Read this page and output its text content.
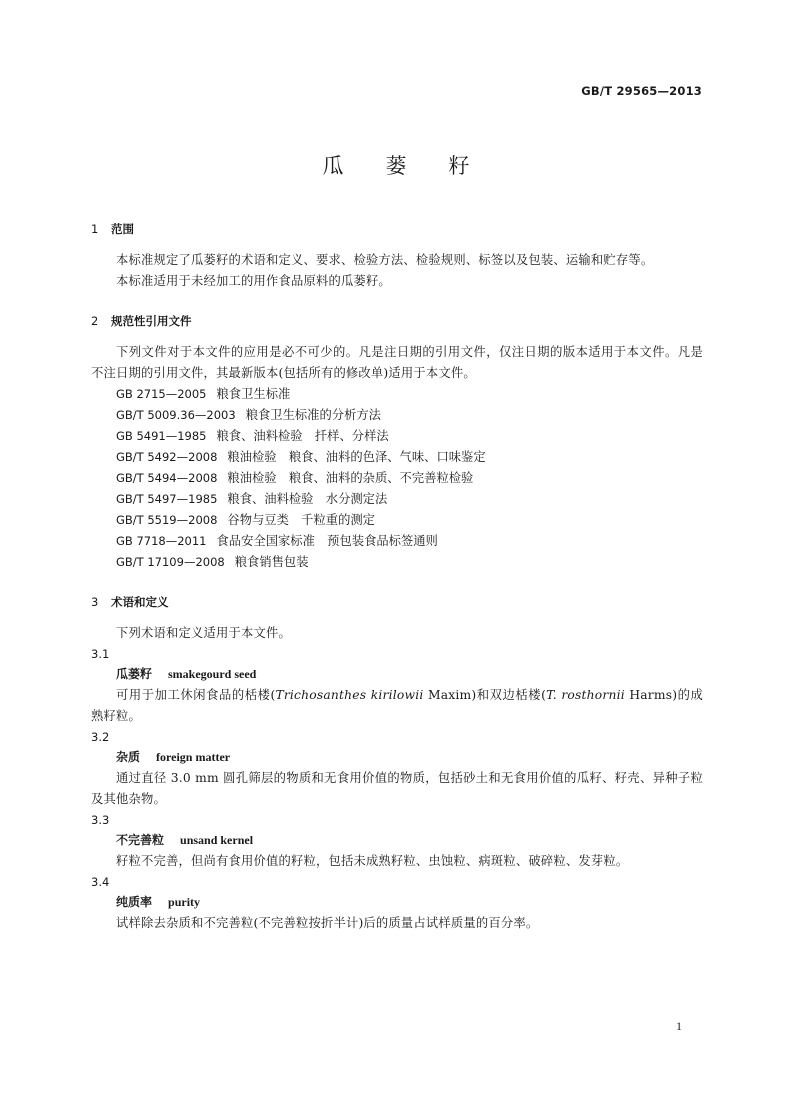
GB/T 29565—2013
瓜蒌籽
1 范围
本标准规定了瓜蒌籽的术语和定义、要求、检验方法、检验规则、标签以及包装、运输和贮存等。
本标准适用于未经加工的用作食品原料的瓜蒌籽。
2 规范性引用文件
下列文件对于本文件的应用是必不可少的。凡是注日期的引用文件，仅注日期的版本适用于本文件。凡是不注日期的引用文件，其最新版本(包括所有的修改单)适用于本文件。
GB 2715—2005 粮食卫生标准
GB/T 5009.36—2003 粮食卫生标准的分析方法
GB 5491—1985 粮食、油料检验　扦样、分样法
GB/T 5492—2008 粮油检验　粮食、油料的色泽、气味、口味鉴定
GB/T 5494—2008 粮油检验　粮食、油料的杂质、不完善粒检验
GB/T 5497—1985 粮食、油料检验　水分测定法
GB/T 5519—2008 谷物与豆类　千粒重的测定
GB 7718—2011 食品安全国家标准　预包装食品标签通则
GB/T 17109—2008 粮食销售包装
3 术语和定义
下列术语和定义适用于本文件。
3.1
瓜蒌籽 smakegourd seed
可用于加工休闲食品的栝楼(Trichosanthes kirilowii Maxim)和双边栝楼(T. rosthornii Harms)的成熟籽粒。
3.2
杂质 foreign matter
通过直径 3.0 mm 圆孔筛层的物质和无食用价值的物质，包括砂土和无食用价值的瓜籽、籽壳、异种子粒及其他杂物。
3.3
不完善粒 unsand kernel
籽粒不完善，但尚有食用价值的籽粒，包括未成熟籽粒、虫蚀粒、病斑粒、破碎粒、发芽粒。
3.4
纯质率 purity
试样除去杂质和不完善粒(不完善粒按折半计)后的质量占试样质量的百分率。
1
